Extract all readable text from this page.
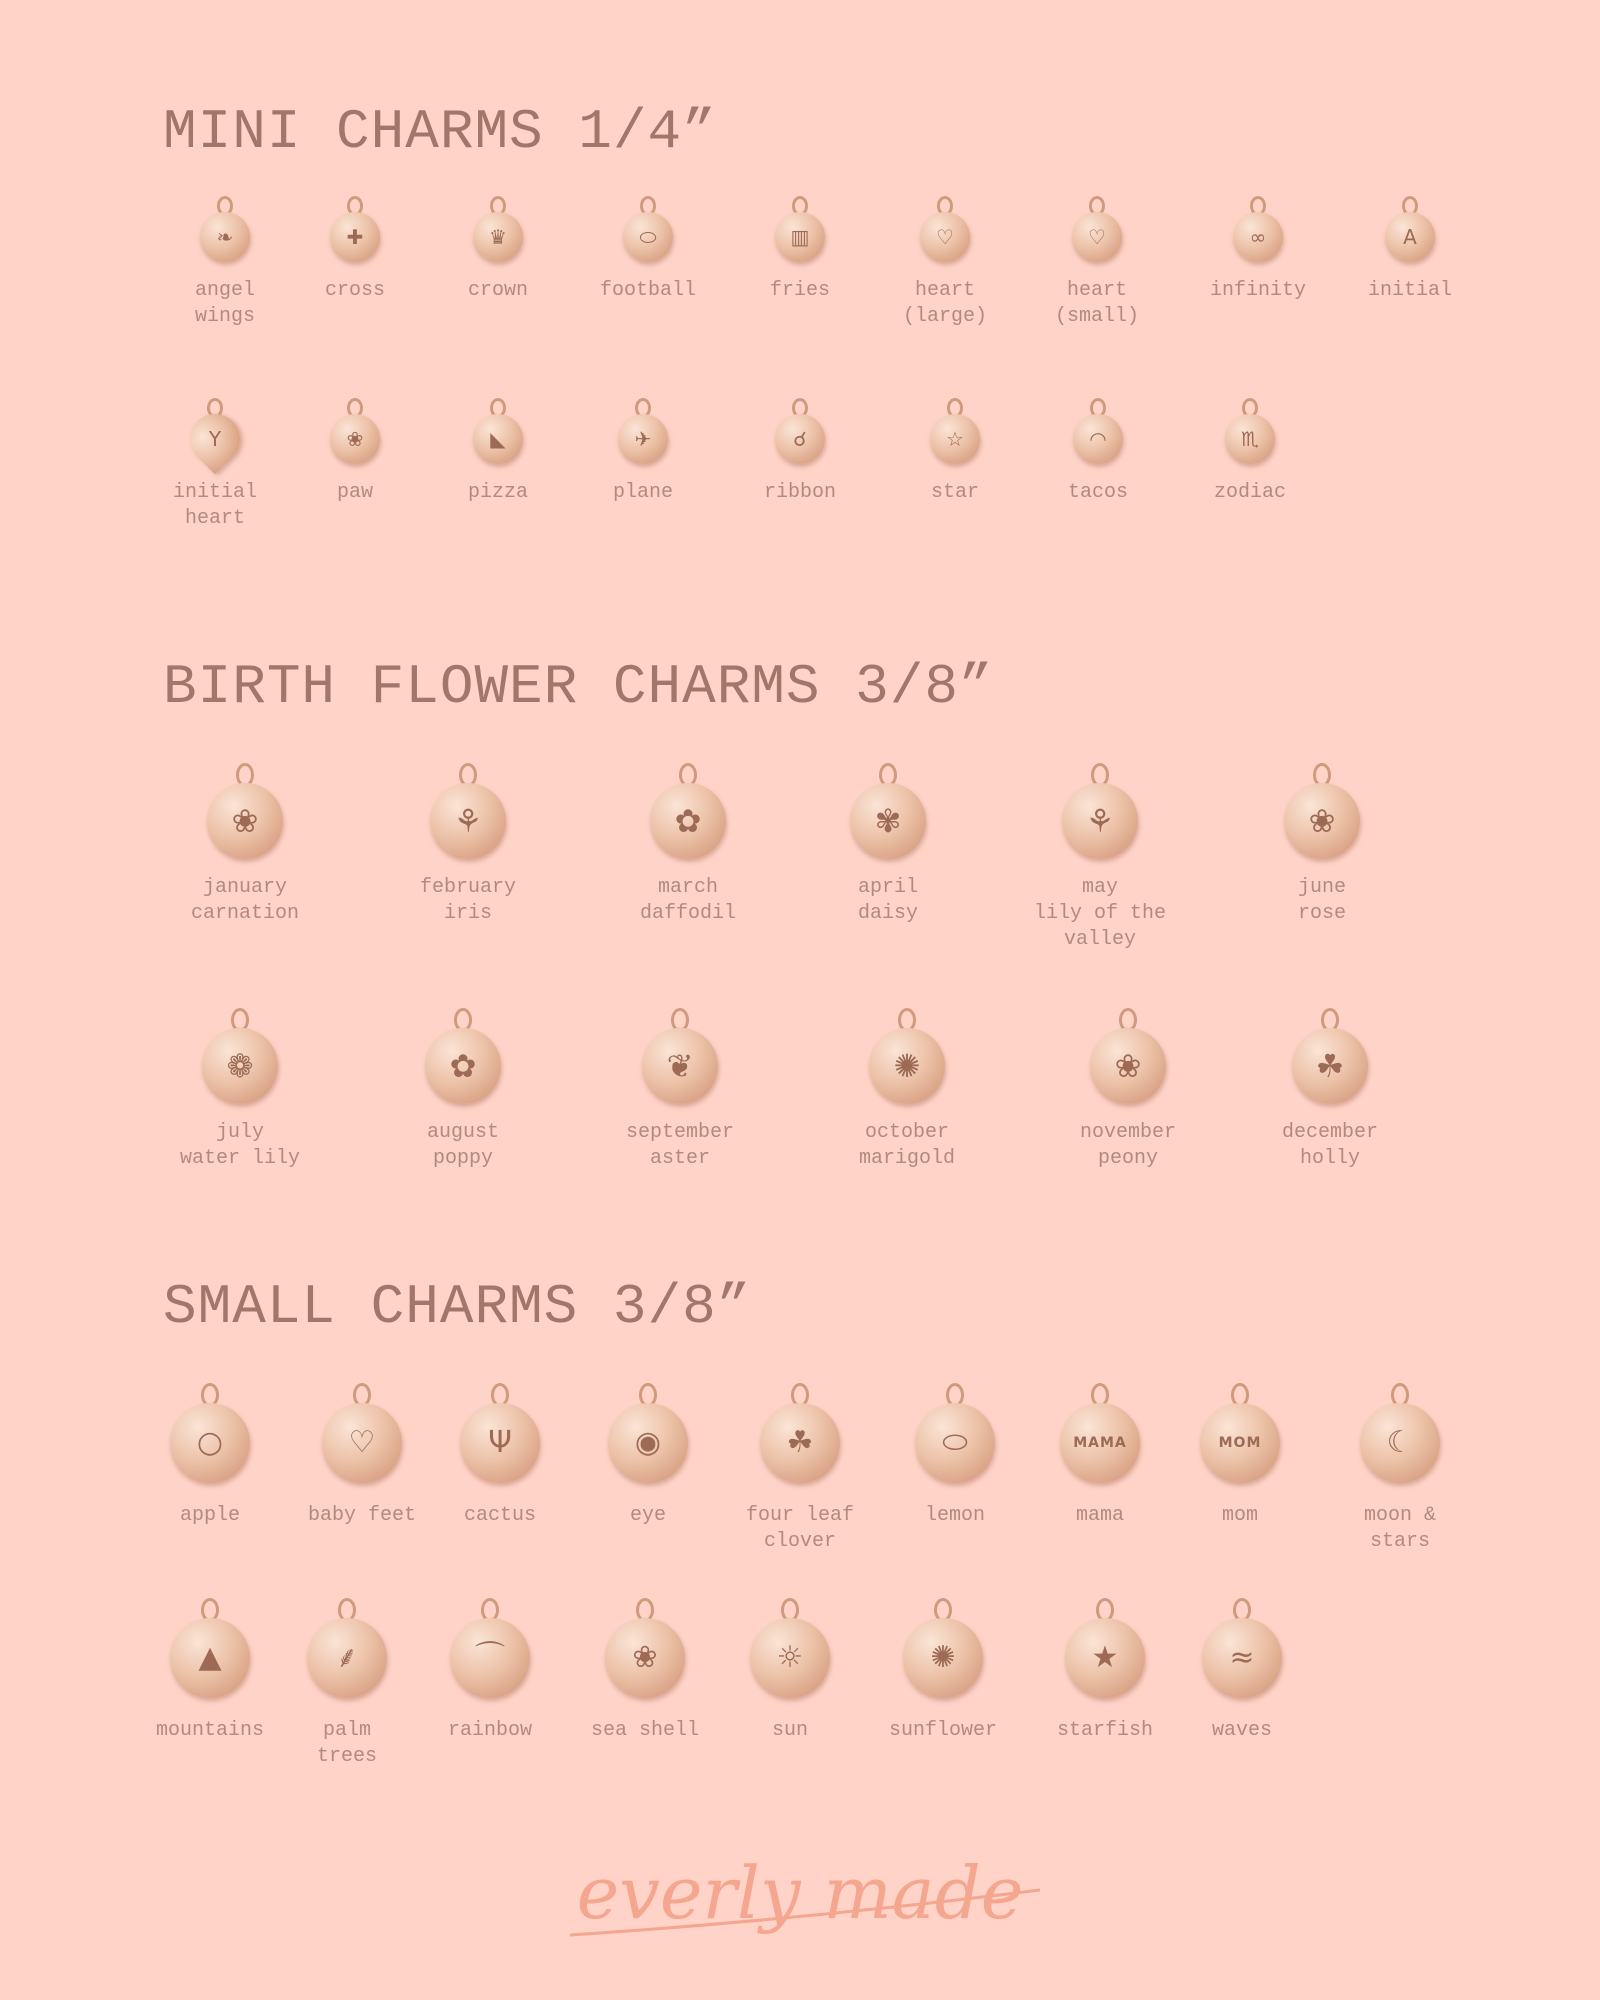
MINI CHARMS 1/4”
❧
angel
wings
✚
cross
♛
crown
⬭
football
▥
fries
♡
heart
(large)
♡
heart
(small)
∞
infinity
A
initial
Y
initial
heart
❀
paw
◣
pizza
✈
plane
☌
ribbon
☆
star
◠
tacos
♏
zodiac
BIRTH FLOWER CHARMS 3/8”
❀
january
carnation
⚘
february
iris
✿
march
daffodil
✾
april
daisy
⚘
may
lily of the valley
❀
june
rose
❁
july
water lily
✿
august
poppy
❦
september
aster
✺
october
marigold
❀
november
peony
☘
december
holly
SMALL CHARMS 3/8”
○
apple
♡
baby feet
Ψ
cactus
◉
eye
☘
four leaf
clover
⬭
lemon
MAMA
mama
MOM
mom
☾
moon &
stars
▲
mountains
⸙
palm
trees
⌒
rainbow
❀
sea shell
☼
sun
✺
sunflower
★
starfish
≈
waves
everly made
